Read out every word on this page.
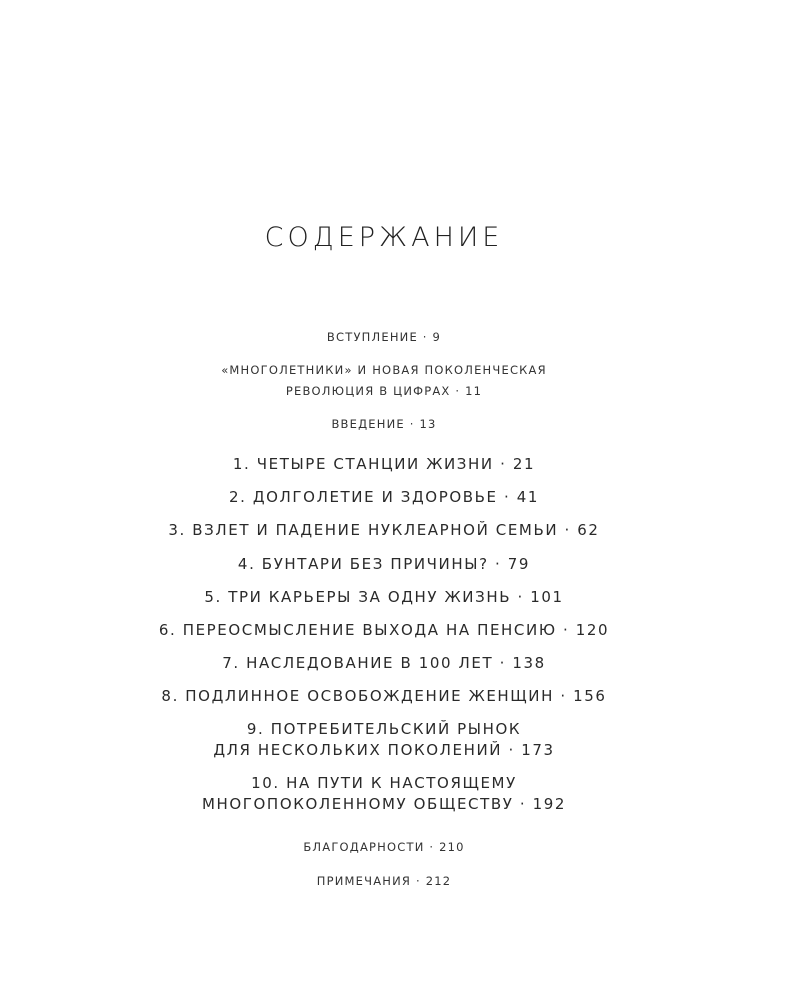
СОДЕРЖАНИЕ
ВСТУПЛЕНИЕ · 9
«МНОГОЛЕТНИКИ» И НОВАЯ ПОКОЛЕНЧЕСКАЯ
РЕВОЛЮЦИЯ В ЦИФРАХ · 11
ВВЕДЕНИЕ · 13
1. ЧЕТЫРЕ СТАНЦИИ ЖИЗНИ · 21
2. ДОЛГОЛЕТИЕ И ЗДОРОВЬЕ · 41
3. ВЗЛЕТ И ПАДЕНИЕ НУКЛЕАРНОЙ СЕМЬИ · 62
4. БУНТАРИ БЕЗ ПРИЧИНЫ? · 79
5. ТРИ КАРЬЕРЫ ЗА ОДНУ ЖИЗНЬ · 101
6. ПЕРЕОСМЫСЛЕНИЕ ВЫХОДА НА ПЕНСИЮ · 120
7. НАСЛЕДОВАНИЕ В 100 ЛЕТ · 138
8. ПОДЛИННОЕ ОСВОБОЖДЕНИЕ ЖЕНЩИН · 156
9. ПОТРЕБИТЕЛЬСКИЙ РЫНОК
ДЛЯ НЕСКОЛЬКИХ ПОКОЛЕНИЙ · 173
10. НА ПУТИ К НАСТОЯЩЕМУ
МНОГОПОКОЛЕННОМУ ОБЩЕСТВУ · 192
БЛАГОДАРНОСТИ · 210
ПРИМЕЧАНИЯ · 212
